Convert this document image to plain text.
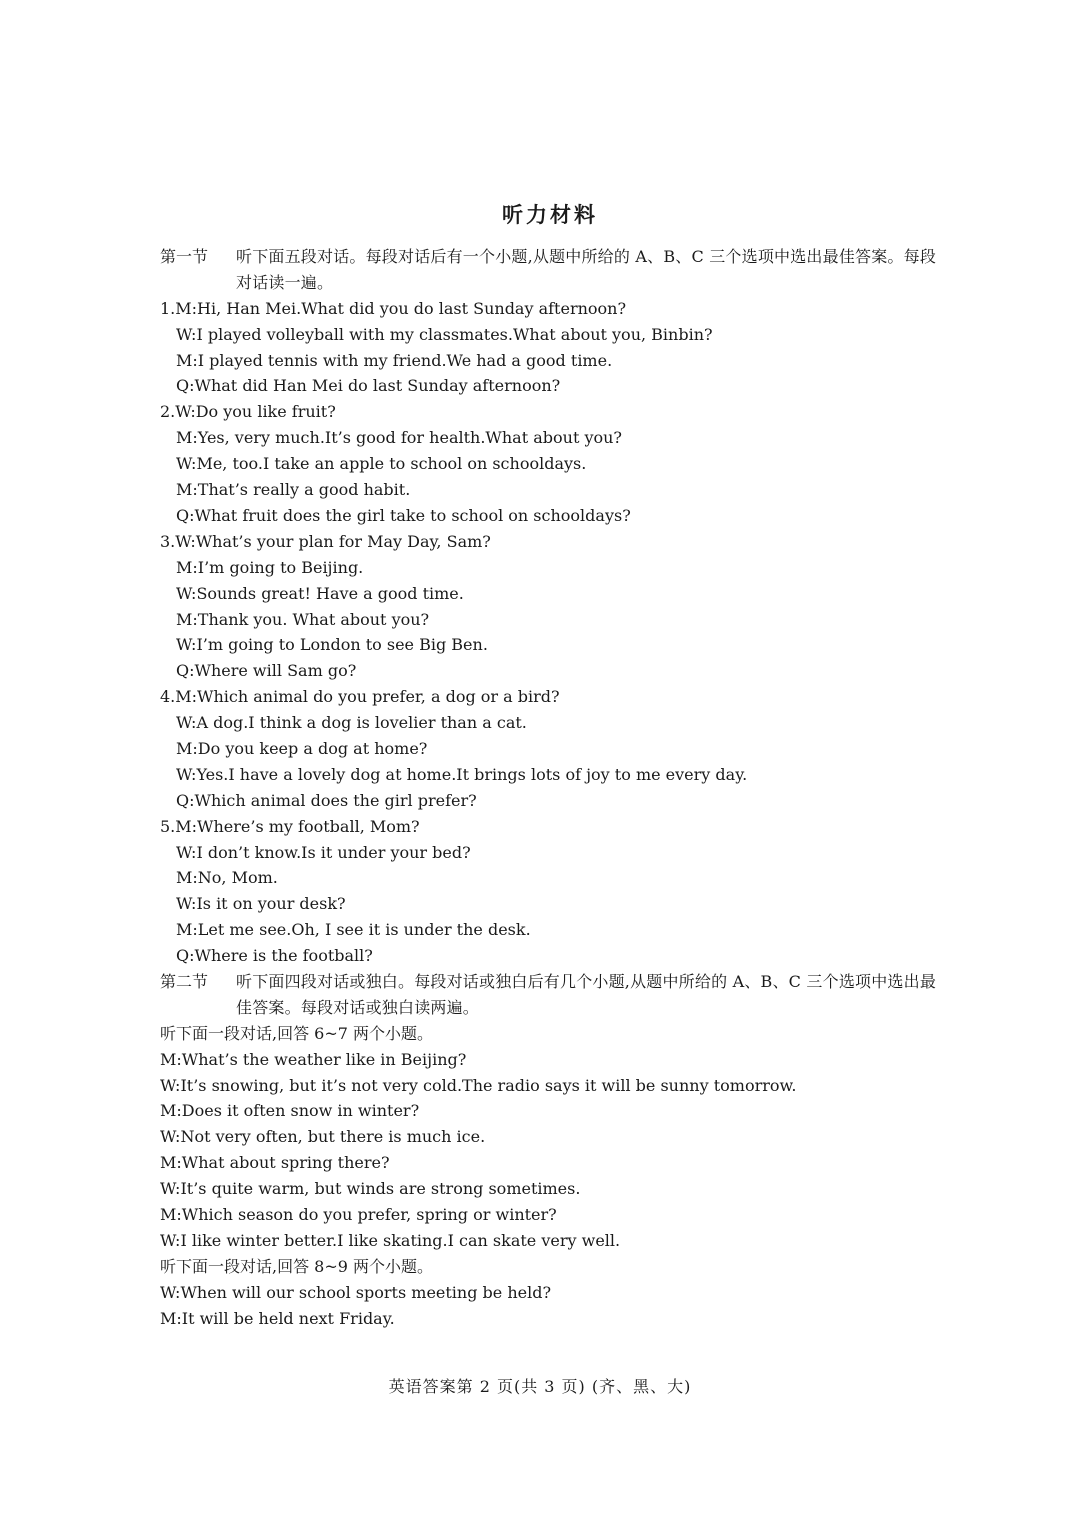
听力材料
第一节	听下面五段对话。每段对话后有一个小题,从题中所给的 A、B、C 三个选项中选出最佳答案。每段对话读一遍。
1.M:Hi, Han Mei.What did you do last Sunday afternoon?
W:I played volleyball with my classmates.What about you, Binbin?
M:I played tennis with my friend.We had a good time.
Q:What did Han Mei do last Sunday afternoon?
2.W:Do you like fruit?
M:Yes, very much.It’s good for health.What about you?
W:Me, too.I take an apple to school on schooldays.
M:That’s really a good habit.
Q:What fruit does the girl take to school on schooldays?
3.W:What’s your plan for May Day, Sam?
M:I’m going to Beijing.
W:Sounds great! Have a good time.
M:Thank you. What about you?
W:I’m going to London to see Big Ben.
Q:Where will Sam go?
4.M:Which animal do you prefer, a dog or a bird?
W:A dog.I think a dog is lovelier than a cat.
M:Do you keep a dog at home?
W:Yes.I have a lovely dog at home.It brings lots of joy to me every day.
Q:Which animal does the girl prefer?
5.M:Where’s my football, Mom?
W:I don’t know.Is it under your bed?
M:No, Mom.
W:Is it on your desk?
M:Let me see.Oh, I see it is under the desk.
Q:Where is the football?
第二节	听下面四段对话或独白。每段对话或独白后有几个小题,从题中所给的 A、B、C 三个选项中选出最佳答案。每段对话或独白读两遍。
听下面一段对话,回答 6~7 两个小题。
M:What’s the weather like in Beijing?
W:It’s snowing, but it’s not very cold.The radio says it will be sunny tomorrow.
M:Does it often snow in winter?
W:Not very often, but there is much ice.
M:What about spring there?
W:It’s quite warm, but winds are strong sometimes.
M:Which season do you prefer, spring or winter?
W:I like winter better.I like skating.I can skate very well.
听下面一段对话,回答 8~9 两个小题。
W:When will our school sports meeting be held?
M:It will be held next Friday.
英语答案第 2 页(共 3 页) (齐、黑、大)
